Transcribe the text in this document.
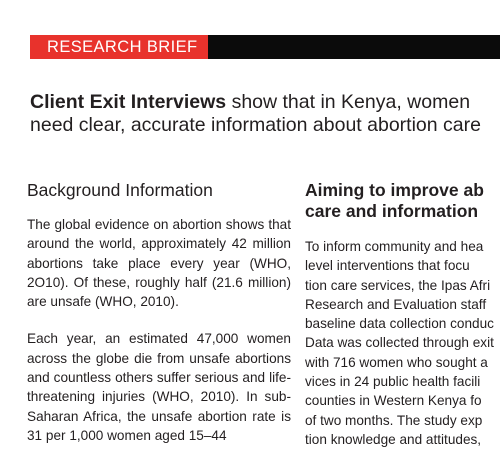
RESEARCH BRIEF
Client Exit Interviews show that in Kenya, women need clear, accurate information about abortion care
Background Information

The global evidence on abortion shows that around the world, approximately 42 million abortions take place every year (WHO, 2O10). Of these, roughly half (21.6 million) are unsafe (WHO, 2010).

Each year, an estimated 47,000 women across the globe die from unsafe abortions and countless others suffer serious and life-threatening injuries (WHO, 2010). In sub-Saharan Africa, the unsafe abortion rate is 31 per 1,000 women aged 15–44

Aiming to improve ab
care and information

To inform community and hea
level interventions that focu
tion care services, the Ipas Afri
Research and Evaluation staff
baseline data collection conduc
Data was collected through exit
with 716 women who sought a
vices in 24 public health facili
counties in Western Kenya fo
of two months. The study exp
tion knowledge and attitudes,
